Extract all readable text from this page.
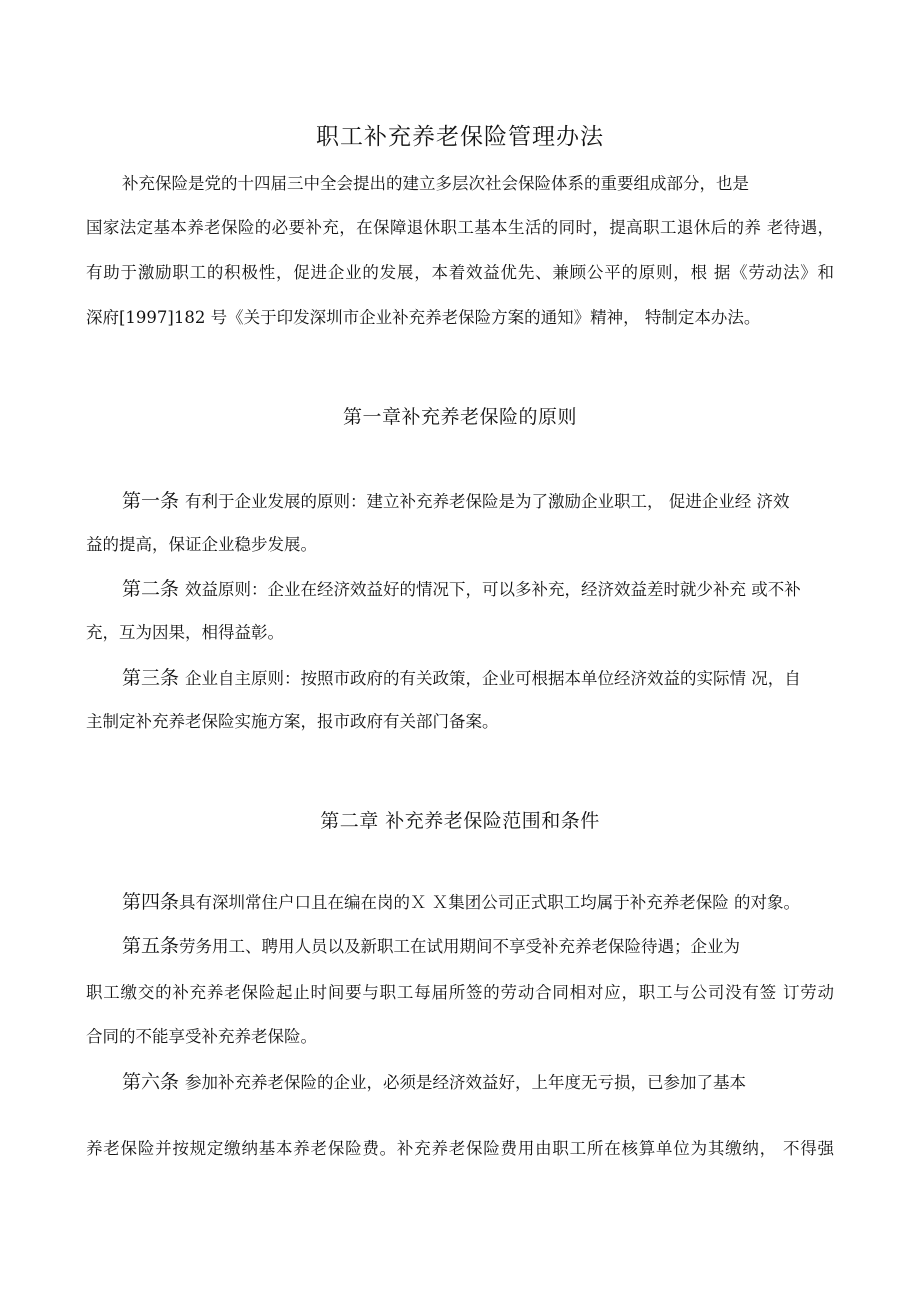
职工补充养老保险管理办法
补充保险是党的十四届三中全会提出的建立多层次社会保险体系的重要组成部分，也是
国家法定基本养老保险的必要补充，在保障退休职工基本生活的同时，提高职工退休后的养 老待遇，
有助于激励职工的积极性，促进企业的发展，本着效益优先、兼顾公平的原则，根 据《劳动法》和
深府[1997]182 号《关于印发深圳市企业补充养老保险方案的通知》精神， 特制定本办法。
第一章补充养老保险的原则
第一条 有利于企业发展的原则：建立补充养老保险是为了激励企业职工， 促进企业经 济效
益的提高，保证企业稳步发展。
第二条 效益原则：企业在经济效益好的情况下，可以多补充，经济效益差时就少补充 或不补
充，互为因果，相得益彰。
第三条 企业自主原则：按照市政府的有关政策，企业可根据本单位经济效益的实际情 况，自
主制定补充养老保险实施方案，报市政府有关部门备案。
第二章 补充养老保险范围和条件
第四条具有深圳常住户口且在编在岗的Ｘ Ｘ集团公司正式职工均属于补充养老保险 的对象。
第五条劳务用工、聘用人员以及新职工在试用期间不享受补充养老保险待遇；企业为
职工缴交的补充养老保险起止时间要与职工每届所签的劳动合同相对应，职工与公司没有签 订劳动
合同的不能享受补充养老保险。
第六条 参加补充养老保险的企业，必须是经济效益好，上年度无亏损，已参加了基本
养老保险并按规定缴纳基本养老保险费。补充养老保险费用由职工所在核算单位为其缴纳， 不得强
